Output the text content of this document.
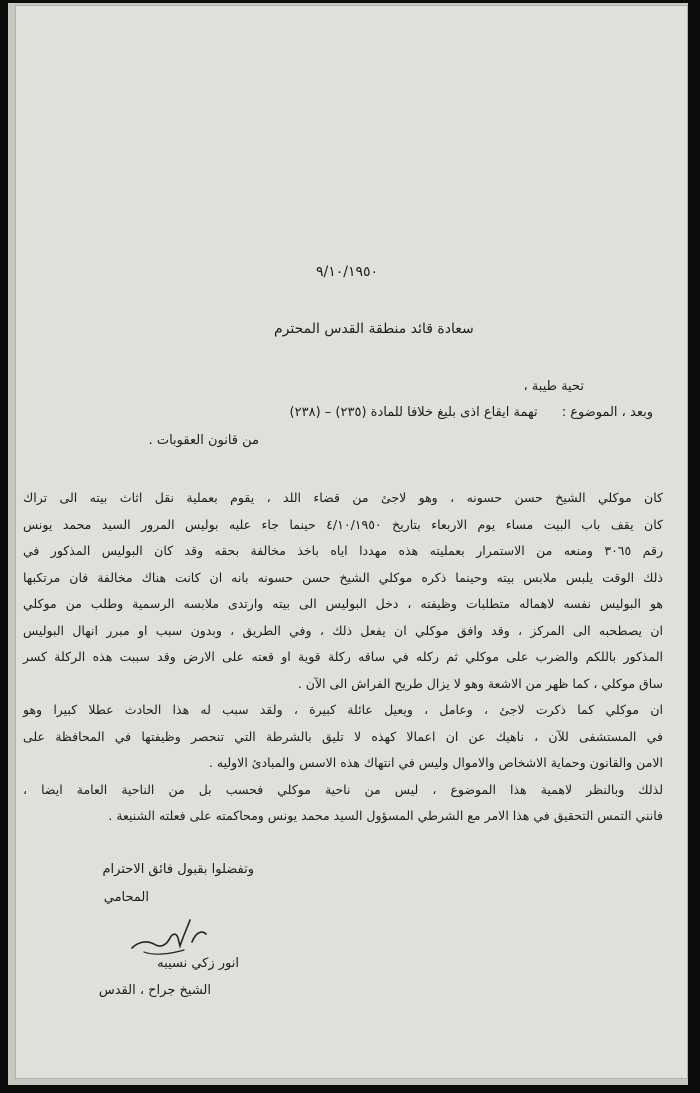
٩/١٠/١٩٥٠
سعادة قائد منطقة القدس المحترم
تحية طيبة ،
وبعد ، الموضوع : تهمة ايقاع اذى بليغ خلافا للمادة (٢٣٥) – (٢٣٨)
من قانون العقوبات .

كان موكلي الشيخ حسن حسونه ، وهو لاجئ من قضاء اللد ، يقوم بعملية نقل اثاث بيته الى تراك

كان يقف باب البيت مساء يوم الاربعاء بتاريخ ٤/١٠/١٩٥٠ حينما جاء عليه بوليس المرور السيد محمد يونس

رقم ٣٠٦٥ ومنعه من الاستمرار بعمليته هذه مهددا اياه باخذ مخالفة بحقه وقد كان البوليس المذكور في

ذلك الوقت يلبس ملابس بيته وحينما ذكره موكلي الشيخ حسن حسونه بانه ان كانت هناك مخالفة فان مرتكبها

هو البوليس نفسه لاهماله متطلبات وظيفته ، دخل البوليس الى بيته وارتدى ملابسه الرسمية وطلب من موكلي

ان يصطحبه الى المركز ، وقد وافق موكلي ان يفعل ذلك ، وفي الطريق ، وبدون سبب او مبرر انهال البوليس

المذكور باللكم والضرب على موكلي ثم ركله في ساقه ركلة قوية او قعته على الارض وقد سببت هذه الركلة كسر

ساق موكلي ، كما ظهر من الاشعة وهو لا يزال طريح الفراش الى الآن .

ان موكلي كما ذكرت لاجئ ، وعامل ، ويعيل عائلة كبيرة ، ولقد سبب له هذا الحادث عطلا كبيرا وهو

في المستشفى للآن ، ناهيك عن ان اعمالا كهذه لا تليق بالشرطة التي تنحصر وظيفتها في المحافظة على

الامن والقانون وحماية الاشخاص والاموال وليس في انتهاك هذه الاسس والمبادئ الاوليه .

لذلك وبالنظر لاهمية هذا الموضوع ، ليس من ناحية موكلي فحسب بل من الناحية العامة ايضا ،

فانني التمس التحقيق في هذا الامر مع الشرطي المسؤول السيد محمد يونس ومحاكمته على فعلته الشنيعة .

وتفضلوا بقبول فائق الاحترام
المحامي
انور زكي نسيبه
الشيخ جراح ، القدس
